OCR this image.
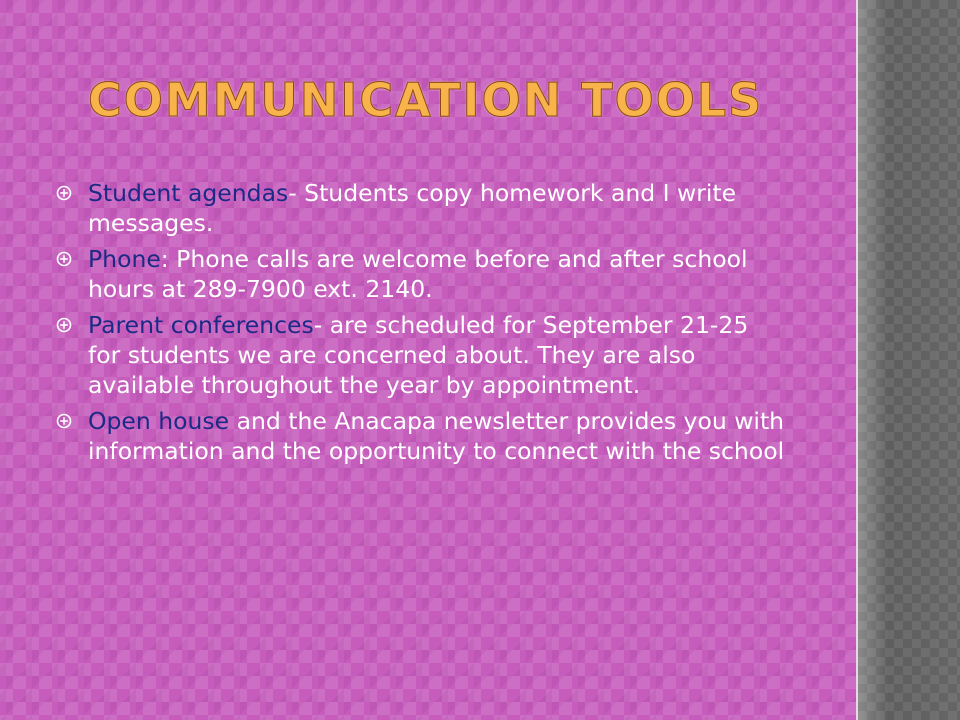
COMMUNICATION TOOLS
Student agendas- Students copy homework and I write messages.
Phone: Phone calls are welcome before and after school hours at 289-7900 ext. 2140.
Parent conferences- are scheduled for September 21-25 for students we are concerned about. They are also available throughout the year by appointment.
Open house and the Anacapa newsletter provides you with information and the opportunity to connect with the school
